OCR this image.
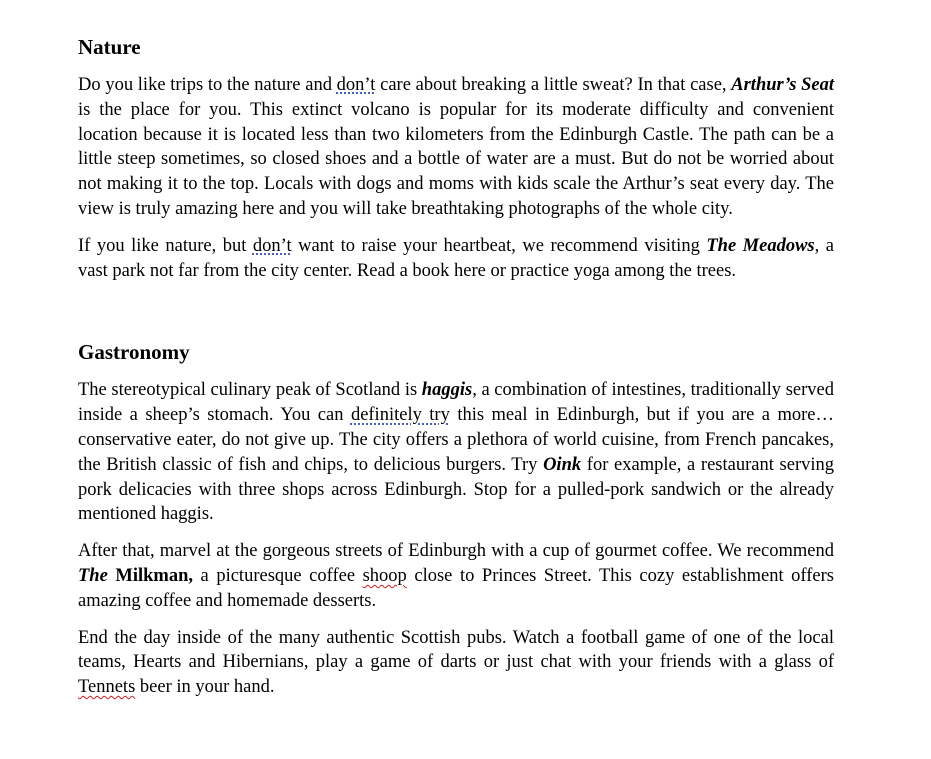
Nature

Do you like trips to the nature and don’t care about breaking a little sweat? In that case, Arthur’s Seat is the place for you. This extinct volcano is popular for its moderate difficulty and convenient location because it is located less than two kilometers from the Edinburgh Castle. The path can be a little steep sometimes, so closed shoes and a bottle of water are a must. But do not be worried about not making it to the top. Locals with dogs and moms with kids scale the Arthur’s seat every day. The view is truly amazing here and you will take breathtaking photographs of the whole city.

If you like nature, but don’t want to raise your heartbeat, we recommend visiting The Meadows, a vast park not far from the city center. Read a book here or practice yoga among the trees.

Gastronomy

The stereotypical culinary peak of Scotland is haggis, a combination of intestines, traditionally served inside a sheep’s stomach. You can definitely try this meal in Edinburgh, but if you are a more…conservative eater, do not give up. The city offers a plethora of world cuisine, from French pancakes, the British classic of fish and chips, to delicious burgers. Try Oink for example, a restaurant serving pork delicacies with three shops across Edinburgh. Stop for a pulled-pork sandwich or the already mentioned haggis.

After that, marvel at the gorgeous streets of Edinburgh with a cup of gourmet coffee. We recommend The Milkman, a picturesque coffee shoop close to Princes Street. This cozy establishment offers amazing coffee and homemade desserts.

End the day inside of the many authentic Scottish pubs. Watch a football game of one of the local teams, Hearts and Hibernians, play a game of darts or just chat with your friends with a glass of Tennets beer in your hand.
